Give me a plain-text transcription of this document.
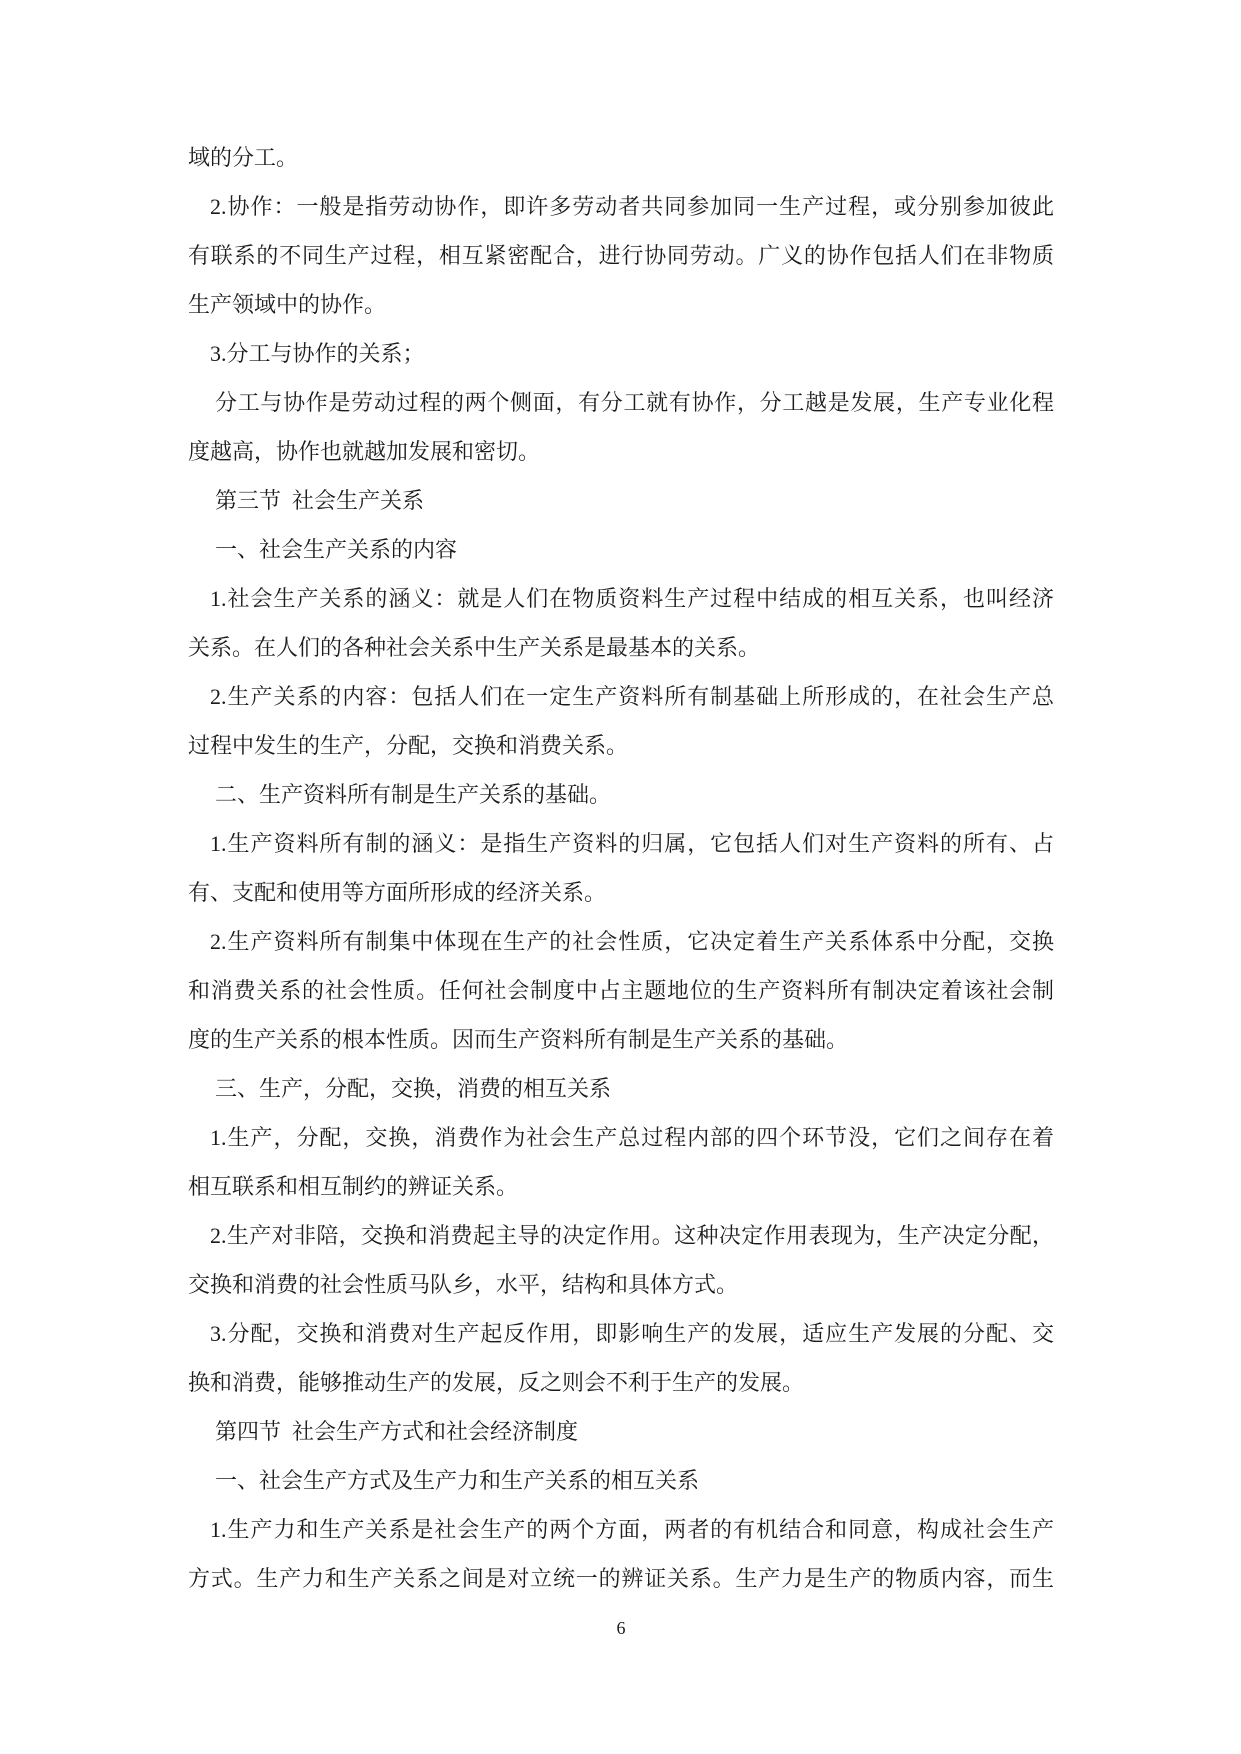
域的分工。
2.协作：一般是指劳动协作，即许多劳动者共同参加同一生产过程，或分别参加彼此
有联系的不同生产过程，相互紧密配合，进行协同劳动。广义的协作包括人们在非物质
生产领域中的协作。
3.分工与协作的关系；
分工与协作是劳动过程的两个侧面，有分工就有协作，分工越是发展，生产专业化程
度越高，协作也就越加发展和密切。
第三节  社会生产关系
一、社会生产关系的内容
1.社会生产关系的涵义：就是人们在物质资料生产过程中结成的相互关系，也叫经济
关系。在人们的各种社会关系中生产关系是最基本的关系。
2.生产关系的内容：包括人们在一定生产资料所有制基础上所形成的，在社会生产总
过程中发生的生产，分配，交换和消费关系。
二、生产资料所有制是生产关系的基础。
1.生产资料所有制的涵义：是指生产资料的归属，它包括人们对生产资料的所有、占
有、支配和使用等方面所形成的经济关系。
2.生产资料所有制集中体现在生产的社会性质，它决定着生产关系体系中分配，交换
和消费关系的社会性质。任何社会制度中占主题地位的生产资料所有制决定着该社会制
度的生产关系的根本性质。因而生产资料所有制是生产关系的基础。
三、生产，分配，交换，消费的相互关系
1.生产，分配，交换，消费作为社会生产总过程内部的四个环节没，它们之间存在着
相互联系和相互制约的辨证关系。
2.生产对非陪，交换和消费起主导的决定作用。这种决定作用表现为，生产决定分配，
交换和消费的社会性质马队乡，水平，结构和具体方式。
3.分配，交换和消费对生产起反作用，即影响生产的发展，适应生产发展的分配、交
换和消费，能够推动生产的发展，反之则会不利于生产的发展。
第四节  社会生产方式和社会经济制度
一、社会生产方式及生产力和生产关系的相互关系
1.生产力和生产关系是社会生产的两个方面，两者的有机结合和同意，构成社会生产
方式。生产力和生产关系之间是对立统一的辨证关系。生产力是生产的物质内容，而生
6
